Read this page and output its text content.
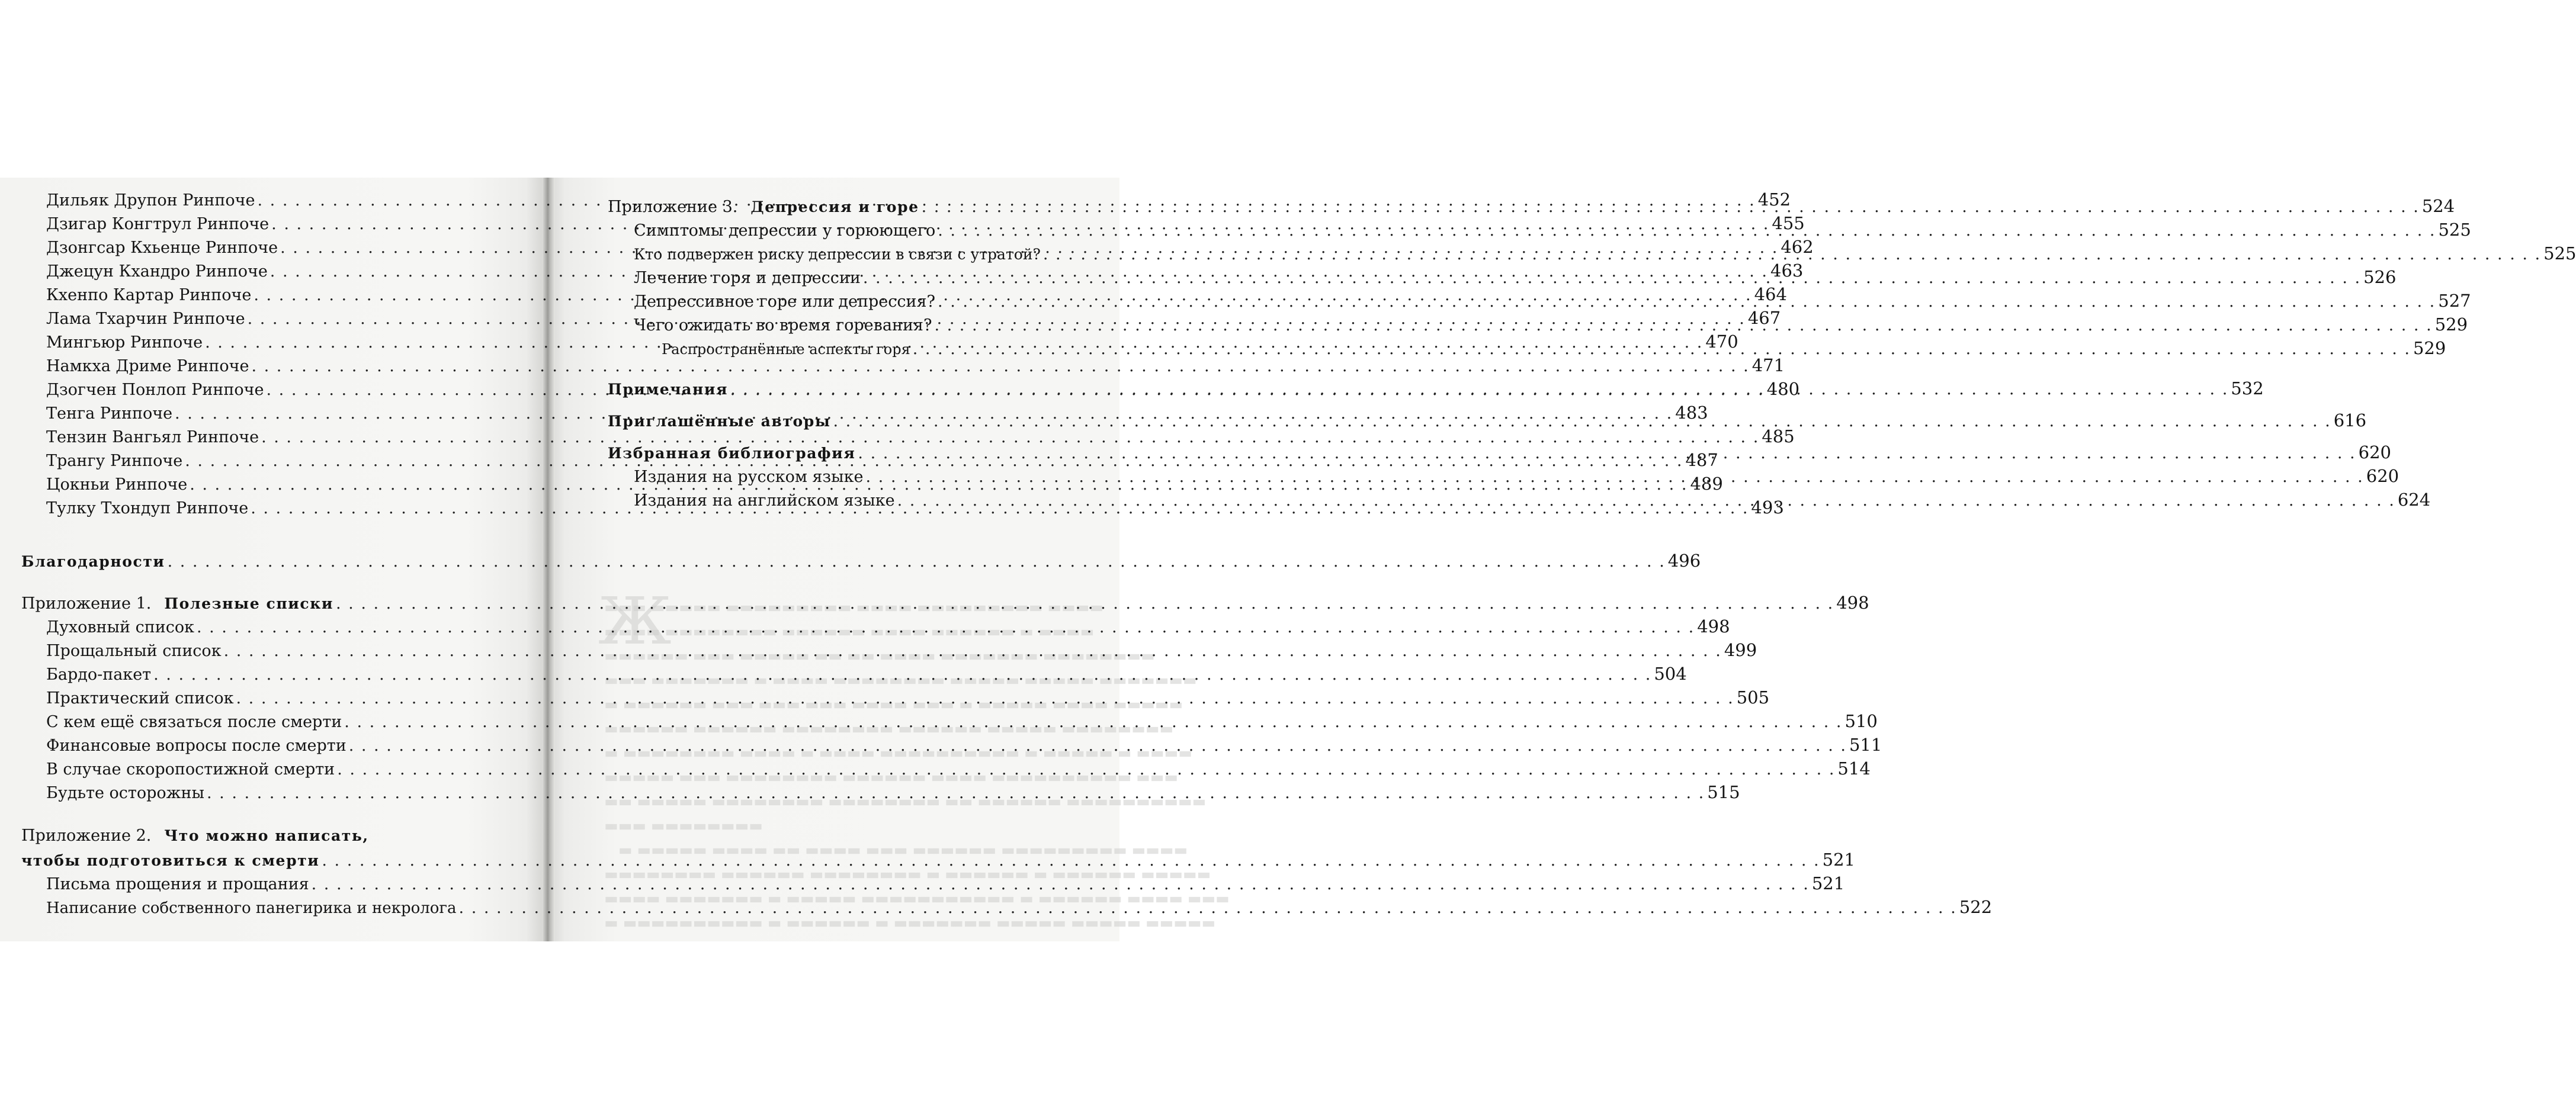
Ж
▬▬▬ ▬▬▬▬▬ ▬▬▬▬▬▬▬▬▬ ▬▬▬▬ ▬▬▬▬▬▬▬▬▬ ▬▬▬▬
▬▬▬▬ ▬▬▬▬▬▬▬▬ ▬▬▬▬▬▬ ▬▬▬▬ ▬▬▬▬▬▬ ▬ ▬▬▬▬
▬▬▬▬▬▬ ▬▬▬ ▬▬▬▬▬ ▬▬ ▬▬ ▬▬▬▬ ▬▬▬▬▬▬▬ ▬▬▬▬▬▬▬▬
▬▬▬ ▬▬▬▬▬▬▬ ▬ ▬▬▬▬ ▬▬▬▬▬▬▬▬ ▬▬▬▬▬ ▬▬▬▬▬ ▬▬▬▬▬▬▬
▬ ▬▬▬▬▬▬ ▬▬▬ ▬▬▬ ▬▬▬ ▬▬▬▬ ▬▬▬ ▬ ▬▬▬▬▬ ▬▬▬▬ ▬▬▬▬▬
▬▬▬▬▬▬ ▬▬▬▬▬▬ ▬▬▬▬▬▬▬▬ ▬▬▬▬▬▬ ▬▬▬▬▬ ▬▬▬▬▬▬▬▬
▬ ▬▬▬▬▬▬▬▬ ▬▬▬▬ ▬ ▬▬▬▬ ▬▬▬▬▬▬▬▬▬▬ ▬ ▬▬▬▬▬ ▬ ▬▬▬▬
▬▬▬▬▬ ▬▬▬ ▬▬▬▬▬▬▬▬ ▬▬▬▬▬▬ ▬▬▬▬ ▬▬▬▬▬▬▬▬▬▬ ▬▬▬
▬▬ ▬▬▬▬▬ ▬▬▬▬▬▬▬▬ ▬▬▬▬▬▬▬▬ ▬▬ ▬▬▬▬▬▬ ▬▬▬▬▬▬▬▬▬▬
▬▬▬ ▬▬▬▬▬▬▬▬
▬ ▬▬▬▬▬ ▬▬▬▬ ▬▬ ▬▬▬▬ ▬▬▬ ▬▬▬▬▬▬ ▬▬▬▬▬▬▬▬▬ ▬▬▬▬
▬▬▬▬▬▬▬▬ ▬▬▬▬▬▬ ▬▬▬▬▬▬▬▬ ▬ ▬▬▬▬▬▬ ▬ ▬▬▬▬▬▬ ▬▬▬▬▬
▬▬▬▬ ▬▬▬▬▬▬▬ ▬ ▬▬▬▬▬ ▬▬▬▬▬▬▬▬▬▬▬ ▬ ▬▬▬▬▬▬ ▬▬▬▬ ▬▬▬
▬ ▬▬▬▬▬▬▬▬▬▬ ▬ ▬▬▬▬▬▬ ▬ ▬▬▬▬▬▬▬ ▬▬▬▬▬ ▬▬▬▬▬ ▬▬▬▬▬
Дильяк Друпон Ринпоче . . .	452
Дзигар Конгтрул Ринпоче . . .	455
Дзонгсар Кхьенце Ринпоче . . .	462
Джецун Кхандро Ринпоче . . .	463
Кхенпо Картар Ринпоче . . .	464
Лама Тхарчин Ринпоче . . .	467
Мингьюр Ринпоче . . .	470
Намкха Дриме Ринпоче . . .	471
Дзогчен Понлоп Ринпоче . . .	480
Тенга Ринпоче . . .	483
Тензин Вангьял Ринпоче . . .	485
Трангу Ринпоче . . .	487
Цокньи Ринпоче . . .	489
Тулку Тхондуп Ринпоче . . .	493
Благодарности . . .	496
Приложение 1. Полезные списки . . .	498
Духовный список . . .	498
Прощальный список . . .	499
Бардо-пакет . . .	504
Практический список . . .	505
С кем ещё связаться после смерти . . .	510
Финансовые вопросы после смерти . . .	511
В случае скоропостижной смерти . . .	514
Будьте осторожны . . .	515
Приложение 2. Что можно написать,
чтобы подготовиться к смерти . . .	521
Письма прощения и прощания . . .	521
Написание собственного панегирика и некролога . . .	522
Приложение 3. Депрессия и горе . . .	524
Симптомы депрессии у горюющего . . .	525
Кто подвержен риску депрессии в связи с утратой? . . .	525
Лечение горя и депрессии . . .	526
Депрессивное горе или депрессия? . . .	527
Чего ожидать во время горевания? . . .	529
Распространённые аспекты горя . . .	529
Примечания . . .	532
Приглашённые авторы . . .	616
Избранная библиография . . .	620
Издания на русском языке . . .	620
Издания на английском языке . . .	624
